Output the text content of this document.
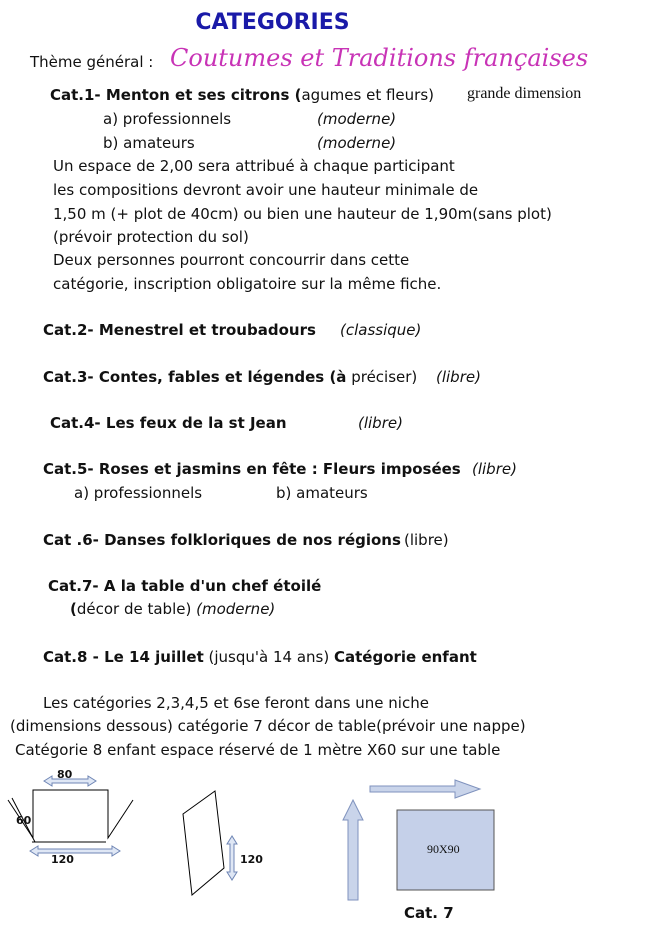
CATEGORIES
Thème général : Coutumes et Traditions françaises
Cat.1- Menton et ses citrons (agumes et fleurs) grande dimension
a) professionnels	(moderne)
b) amateurs	(moderne)
Un espace de 2,00 sera attribué à chaque participant
les compositions devront avoir une hauteur minimale de
1,50 m (+ plot de 40cm) ou bien une hauteur de 1,90m(sans plot)
(prévoir protection du sol)
Deux personnes pourront concourrir dans cette
catégorie, inscription obligatoire sur la même fiche.
Cat.2- Menestrel et troubadours (classique)
Cat.3- Contes, fables et légendes (à préciser) (libre)
Cat.4- Les feux de la st Jean	(libre)
Cat.5- Roses et jasmins en fête : Fleurs imposées (libre)
a) professionnels	b) amateurs
Cat .6- Danses folkloriques de nos régions (libre)
Cat.7- A la table d'un chef étoilé
(décor de table) (moderne)
Cat.8 - Le 14 juillet (jusqu'à 14 ans) Catégorie enfant
Les catégories 2,3,4,5 et 6se feront dans une niche
(dimensions dessous) catégorie 7 décor de table(prévoir une nappe)
Catégorie 8 enfant espace réservé de 1 mètre X60 sur une table
80
60
120	120
90X90
Cat. 7
